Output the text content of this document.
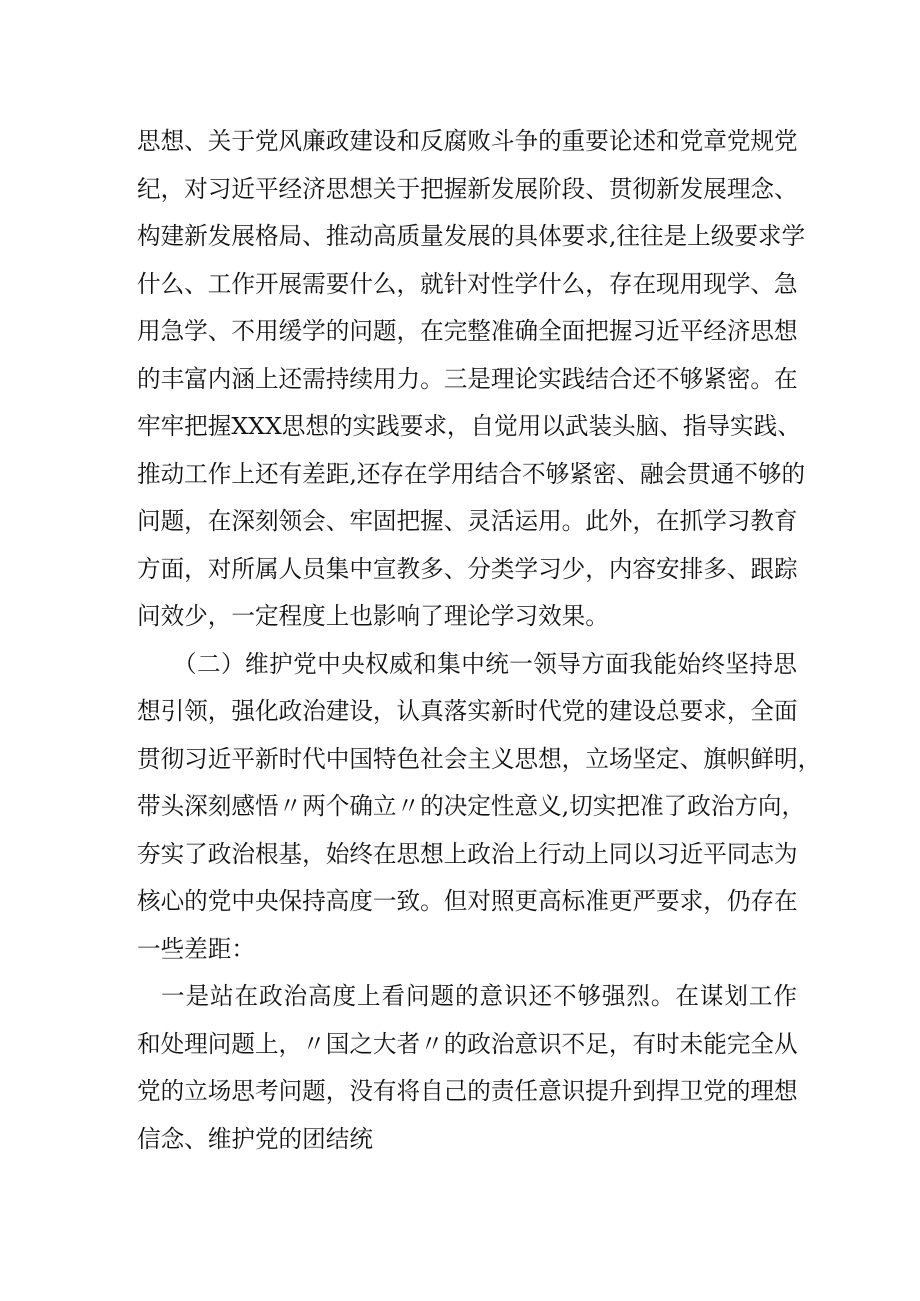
思想、关于党风廉政建设和反腐败斗争的重要论述和党章党规党
纪，对习近平经济思想关于把握新发展阶段、贯彻新发展理念、
构建新发展格局、推动高质量发展的具体要求,往往是上级要求学
什么、工作开展需要什么，就针对性学什么，存在现用现学、急
用急学、不用缓学的问题，在完整准确全面把握习近平经济思想
的丰富内涵上还需持续用力。三是理论实践结合还不够紧密。在
牢牢把握XXX思想的实践要求，自觉用以武装头脑、指导实践、
推动工作上还有差距,还存在学用结合不够紧密、融会贯通不够的
问题，在深刻领会、牢固把握、灵活运用。此外，在抓学习教育
方面，对所属人员集中宣教多、分类学习少，内容安排多、跟踪
问效少，一定程度上也影响了理论学习效果。
（二）维护党中央权威和集中统一领导方面我能始终坚持思
想引领，强化政治建设，认真落实新时代党的建设总要求，全面
贯彻习近平新时代中国特色社会主义思想，立场坚定、旗帜鲜明，
带头深刻感悟〃两个确立〃的决定性意义,切实把准了政治方向，
夯实了政治根基，始终在思想上政治上行动上同以习近平同志为
核心的党中央保持高度一致。但对照更高标准更严要求，仍存在
一些差距：
一是站在政治高度上看问题的意识还不够强烈。在谋划工作
和处理问题上，〃国之大者〃的政治意识不足，有时未能完全从
党的立场思考问题，没有将自己的责任意识提升到捍卫党的理想
信念、维护党的团结统
